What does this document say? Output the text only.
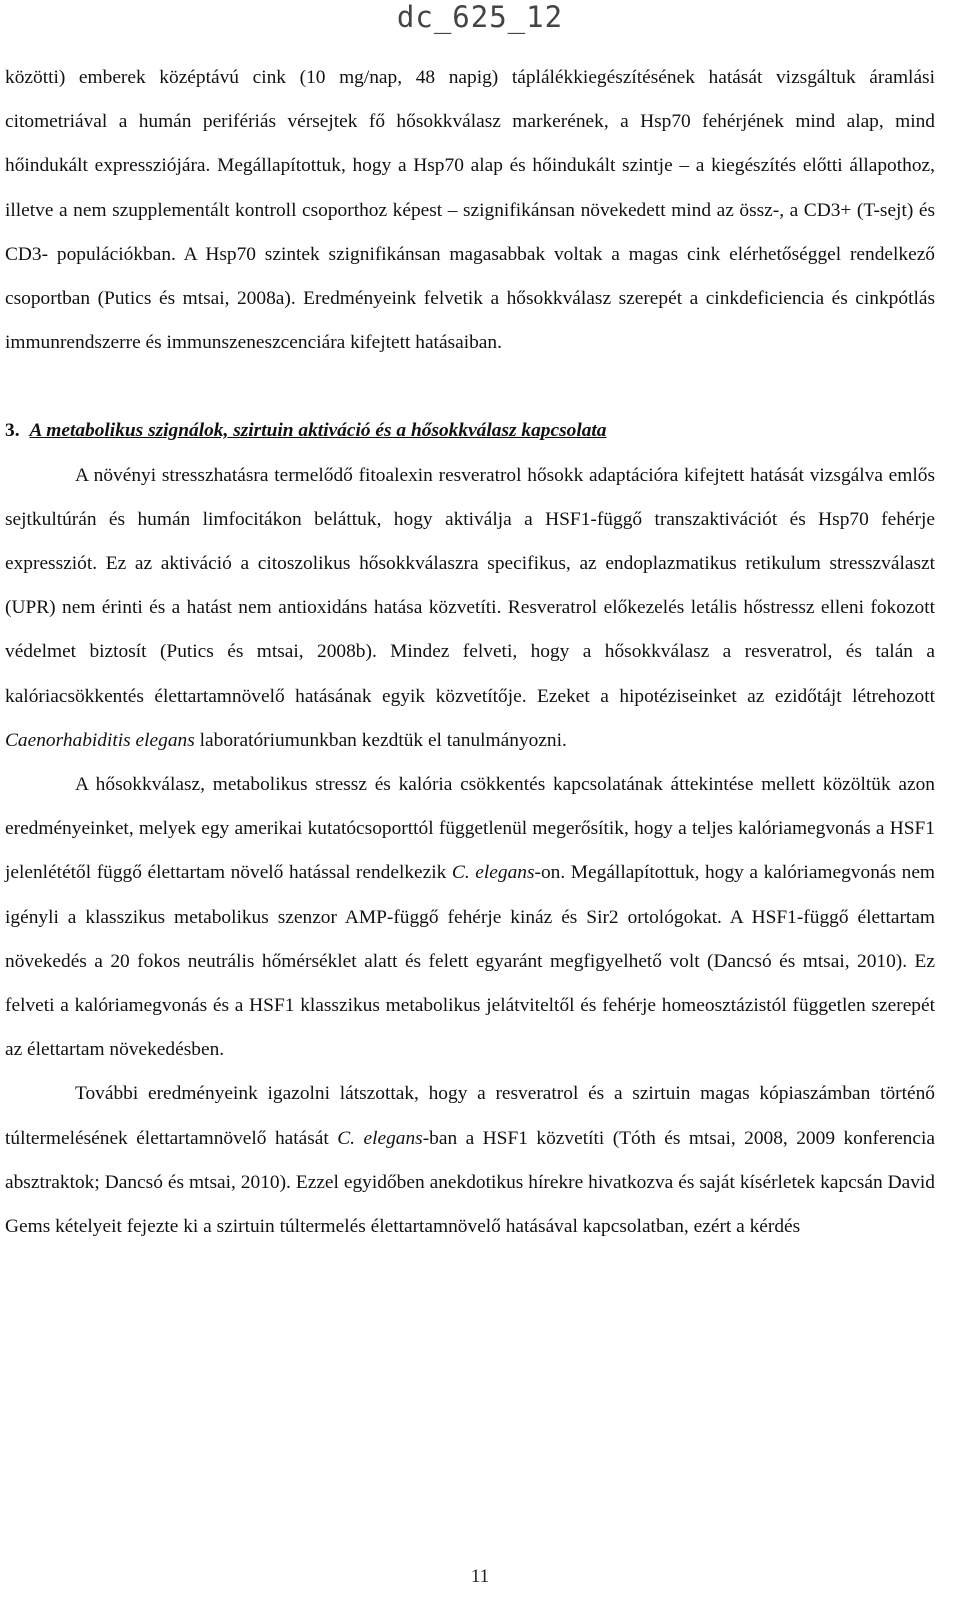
dc_625_12

közötti) emberek középtávú cink (10 mg/nap, 48 napig) táplálékkiegészítésének hatását vizsgáltuk áramlási citometriával a humán perifériás vérsejtek fő hősokkválasz markerének, a Hsp70 fehérjének mind alap, mind hőindukált expressziójára. Megállapítottuk, hogy a Hsp70 alap és hőindukált szintje – a kiegészítés előtti állapothoz, illetve a nem szupplementált kontroll csoporthoz képest – szignifikánsan növekedett mind az össz-, a CD3+ (T-sejt) és CD3- populációkban. A Hsp70 szintek szignifikánsan magasabbak voltak a magas cink elérhetőséggel rendelkező csoportban (Putics és mtsai, 2008a). Eredményeink felvetik a hősokkválasz szerepét a cinkdeficiencia és cinkpótlás immunrendszerre és immunszeneszcenciára kifejtett hatásaiban.

3. A metabolikus szignálok, szirtuin aktiváció és a hősokkválasz kapcsolata

A növényi stresszhatásra termelődő fitoalexin resveratrol hősokk adaptációra kifejtett hatását vizsgálva emlős sejtkultúrán és humán limfocitákon beláttuk, hogy aktiválja a HSF1-függő transzaktivációt és Hsp70 fehérje expressziót. Ez az aktiváció a citoszolikus hősokkválaszra specifikus, az endoplazmatikus retikulum stresszválaszt (UPR) nem érinti és a hatást nem antioxidáns hatása közvetíti. Resveratrol előkezelés letális hőstressz elleni fokozott védelmet biztosít (Putics és mtsai, 2008b). Mindez felveti, hogy a hősokkválasz a resveratrol, és talán a kalóriacsökkentés élettartamnövelő hatásának egyik közvetítője. Ezeket a hipotéziseinket az ezidőtájt létrehozott Caenorhabiditis elegans laboratóriumunkban kezdtük el tanulmányozni.

A hősokkválasz, metabolikus stressz és kalória csökkentés kapcsolatának áttekintése mellett közöltük azon eredményeinket, melyek egy amerikai kutatócsoporttól függetlenül megerősítik, hogy a teljes kalóriamegvonás a HSF1 jelenlététől függő élettartam növelő hatással rendelkezik C. elegans-on. Megállapítottuk, hogy a kalóriamegvonás nem igényli a klasszikus metabolikus szenzor AMP-függő fehérje kináz és Sir2 ortológokat. A HSF1-függő élettartam növekedés a 20 fokos neutrális hőmérséklet alatt és felett egyaránt megfigyelhető volt (Dancsó és mtsai, 2010). Ez felveti a kalóriamegvonás és a HSF1 klasszikus metabolikus jelátviteltől és fehérje homeosztázistól független szerepét az élettartam növekedésben.

További eredményeink igazolni látszottak, hogy a resveratrol és a szirtuin magas kópiaszámban történő túltermelésének élettartamnövelő hatását C. elegans-ban a HSF1 közvetíti (Tóth és mtsai, 2008, 2009 konferencia absztraktok; Dancsó és mtsai, 2010). Ezzel egyidőben anekdotikus hírekre hivatkozva és saját kísérletek kapcsán David Gems kételyeit fejezte ki a szirtuin túltermelés élettartamnövelő hatásával kapcsolatban, ezért a kérdés

11
